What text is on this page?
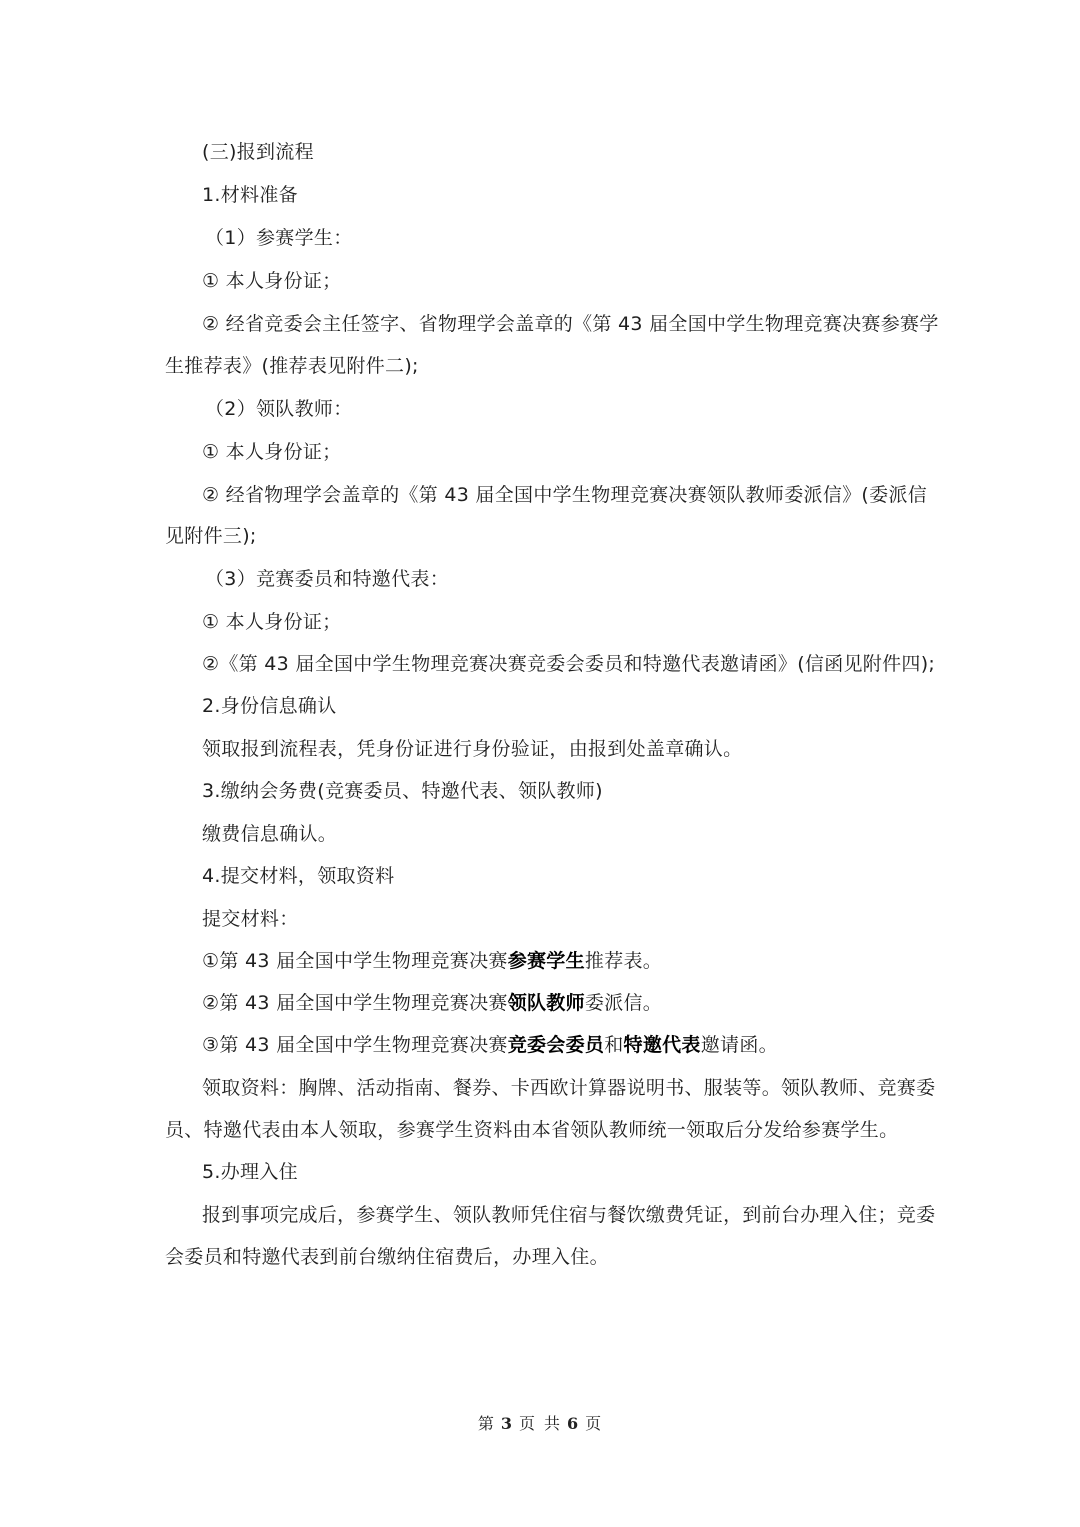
(三)报到流程
1.材料准备
（1）参赛学生：
① 本人身份证；
② 经省竞委会主任签字、省物理学会盖章的《第 43 届全国中学生物理竞赛决赛参赛学
生推荐表》(推荐表见附件二);
（2）领队教师：
① 本人身份证；
② 经省物理学会盖章的《第 43 届全国中学生物理竞赛决赛领队教师委派信》(委派信
见附件三);
（3）竞赛委员和特邀代表：
① 本人身份证；
②《第 43 届全国中学生物理竞赛决赛竞委会委员和特邀代表邀请函》(信函见附件四);
2.身份信息确认
领取报到流程表，凭身份证进行身份验证，由报到处盖章确认。
3.缴纳会务费(竞赛委员、特邀代表、领队教师)
缴费信息确认。
4.提交材料，领取资料
提交材料：
①第 43 届全国中学生物理竞赛决赛参赛学生推荐表。
②第 43 届全国中学生物理竞赛决赛领队教师委派信。
③第 43 届全国中学生物理竞赛决赛竞委会委员和特邀代表邀请函。
领取资料：胸牌、活动指南、餐券、卡西欧计算器说明书、服装等。领队教师、竞赛委
员、特邀代表由本人领取，参赛学生资料由本省领队教师统一领取后分发给参赛学生。
5.办理入住
报到事项完成后，参赛学生、领队教师凭住宿与餐饮缴费凭证，到前台办理入住；竞委
会委员和特邀代表到前台缴纳住宿费后，办理入住。
第 3 页 共 6 页
